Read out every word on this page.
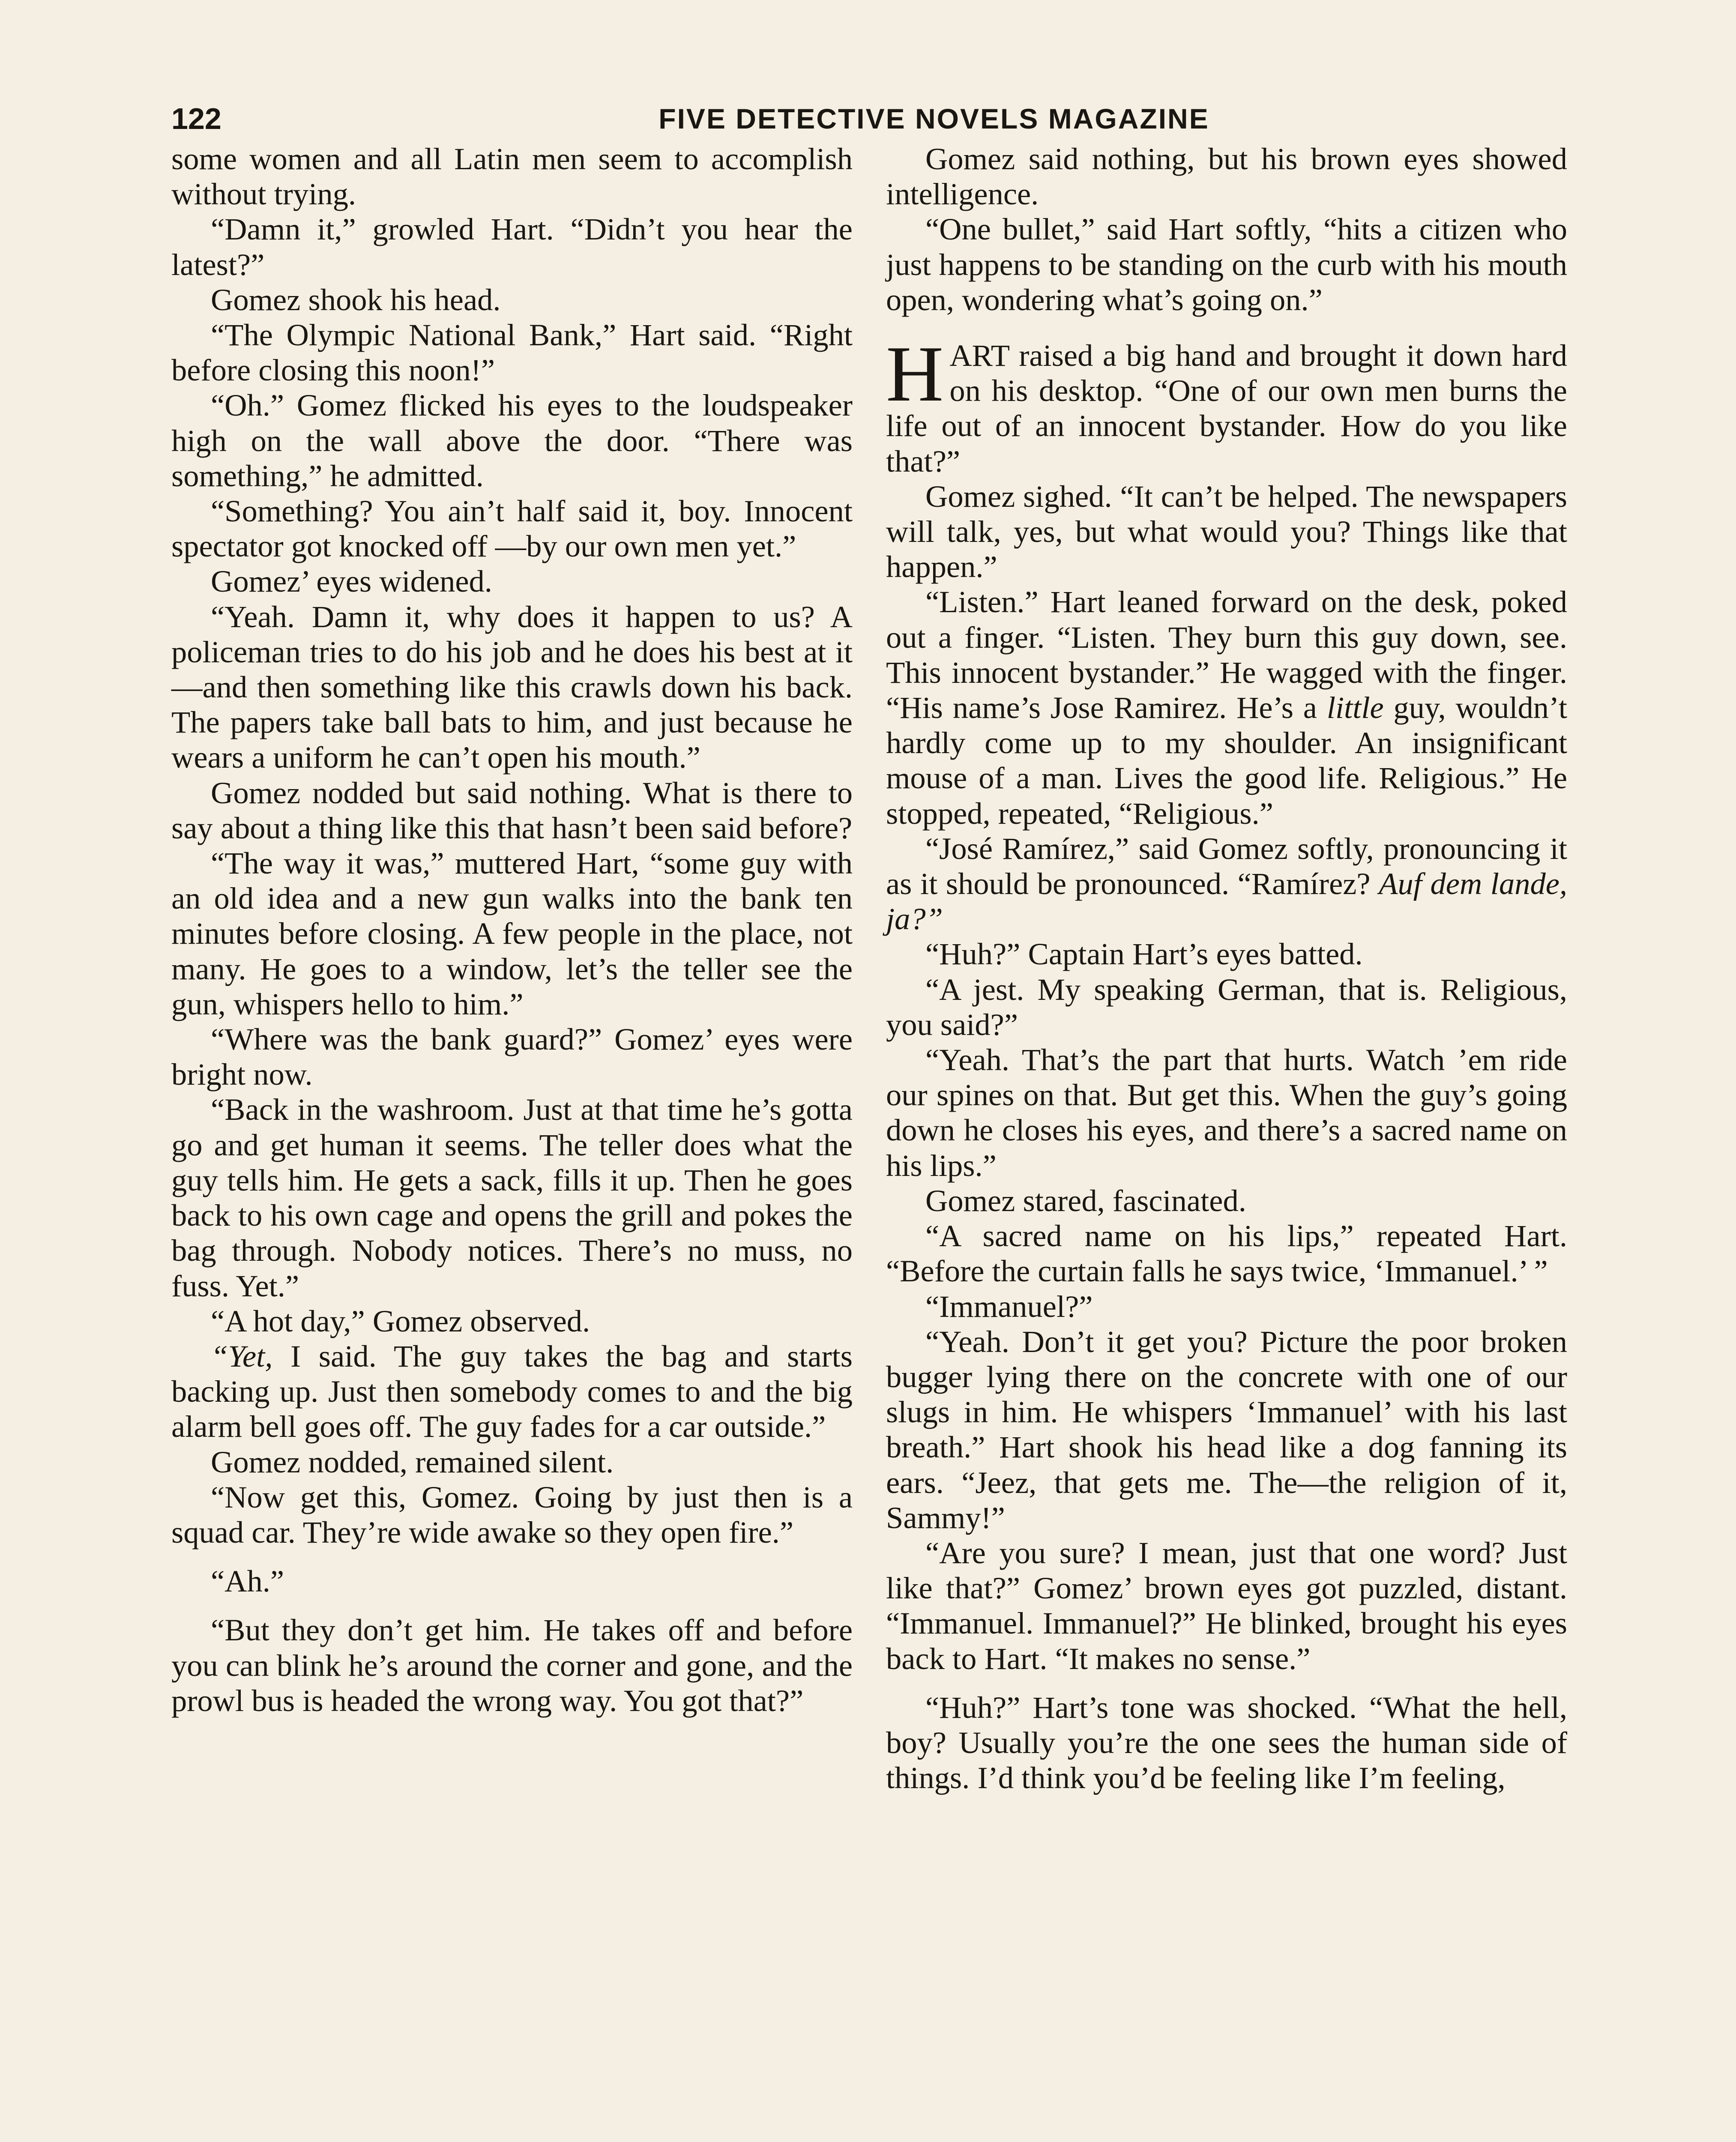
122	FIVE DETECTIVE NOVELS MAGAZINE

some women and all Latin men seem to accomplish without trying.

“Damn it,” growled Hart. “Didn’t you hear the latest?”

Gomez shook his head.

“The Olympic National Bank,” Hart said. “Right before closing this noon!”

“Oh.” Gomez flicked his eyes to the loudspeaker high on the wall above the door. “There was something,” he admitted.

“Something? You ain’t half said it, boy. Innocent spectator got knocked off —by our own men yet.”

Gomez’ eyes widened.

“Yeah. Damn it, why does it happen to us? A policeman tries to do his job and he does his best at it—and then something like this crawls down his back. The papers take ball bats to him, and just because he wears a uniform he can’t open his mouth.”

Gomez nodded but said nothing. What is there to say about a thing like this that hasn’t been said before?

“The way it was,” muttered Hart, “some guy with an old idea and a new gun walks into the bank ten minutes before closing. A few people in the place, not many. He goes to a window, let’s the teller see the gun, whispers hello to him.”

“Where was the bank guard?” Gomez’ eyes were bright now.

“Back in the washroom. Just at that time he’s gotta go and get human it seems. The teller does what the guy tells him. He gets a sack, fills it up. Then he goes back to his own cage and opens the grill and pokes the bag through. Nobody notices. There’s no muss, no fuss. Yet.”

“A hot day,” Gomez observed.

“Yet, I said. The guy takes the bag and starts backing up. Just then somebody comes to and the big alarm bell goes off. The guy fades for a car outside.”

Gomez nodded, remained silent.

“Now get this, Gomez. Going by just then is a squad car. They’re wide awake so they open fire.”

“Ah.”

“But they don’t get him. He takes off and before you can blink he’s around the corner and gone, and the prowl bus is headed the wrong way. You got that?”

Gomez said nothing, but his brown eyes showed intelligence.

“One bullet,” said Hart softly, “hits a citizen who just happens to be standing on the curb with his mouth open, wondering what’s going on.”

HART raised a big hand and brought it down hard on his desktop. “One of our own men burns the life out of an innocent bystander. How do you like that?”

Gomez sighed. “It can’t be helped. The newspapers will talk, yes, but what would you? Things like that happen.”

“Listen.” Hart leaned forward on the desk, poked out a finger. “Listen. They burn this guy down, see. This innocent bystander.” He wagged with the finger. “His name’s Jose Ramirez. He’s a little guy, wouldn’t hardly come up to my shoulder. An insignificant mouse of a man. Lives the good life. Religious.” He stopped, repeated, “Religious.”

“José Ramírez,” said Gomez softly, pronouncing it as it should be pronounced. “Ramírez? Auf dem lande, ja?”

“Huh?” Captain Hart’s eyes batted.

“A jest. My speaking German, that is. Religious, you said?”

“Yeah. That’s the part that hurts. Watch ’em ride our spines on that. But get this. When the guy’s going down he closes his eyes, and there’s a sacred name on his lips.”

Gomez stared, fascinated.

“A sacred name on his lips,” repeated Hart. “Before the curtain falls he says twice, ‘Immanuel.’ ”

“Immanuel?”

“Yeah. Don’t it get you? Picture the poor broken bugger lying there on the concrete with one of our slugs in him. He whispers ‘Immanuel’ with his last breath.” Hart shook his head like a dog fanning its ears. “Jeez, that gets me. The—the religion of it, Sammy!”

“Are you sure? I mean, just that one word? Just like that?” Gomez’ brown eyes got puzzled, distant. “Immanuel. Immanuel?” He blinked, brought his eyes back to Hart. “It makes no sense.”

“Huh?” Hart’s tone was shocked. “What the hell, boy? Usually you’re the one sees the human side of things. I’d think you’d be feeling like I’m feeling,
